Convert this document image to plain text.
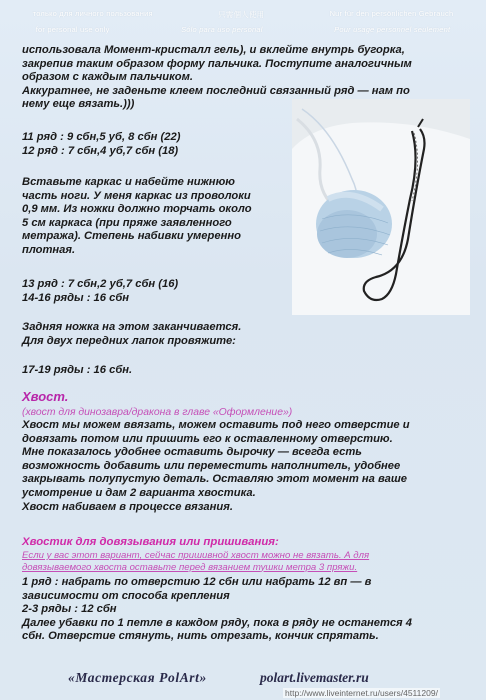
только для личного пользования	只需個人使用	Nur für den persönlichen Gebrauch
for personal use only	Sólo para uso personal	Pour usage personnel seulement

использовала Момент-кристалл гель), и вклейте внутрь бугорка,
закрепив таким образом форму пальчика. Поступите аналогичным
образом с каждым пальчиком.
Аккуратнее, не заденьте клеем последний связанный ряд — нам по
нему еще вязать.)))

11 ряд : 9 сбн,5 уб, 8 сбн (22)
12 ряд : 7 сбн,4 уб,7 сбн (18)

Вставьте каркас и набейте нижнюю
часть ноги. У меня каркас из проволоки
0,9 мм. Из ножки должно торчать около
5 см каркаса (при пряже заявленного
метража). Степень набивки умеренно
плотная.

13 ряд : 7 сбн,2 уб,7 сбн (16)
14-16 ряды : 16 сбн

Задняя ножка на этом заканчивается.
Для двух передних лапок провяжите:

17-19 ряды : 16 сбн.

Хвост.

(хвост для динозавра/дракона в главе «Оформление»)

Хвост мы можем ввязать, можем оставить под него отверстие и
довязать потом или пришить его к оставленному отверстию.
Мне показалось удобнее оставить дырочку — всегда есть
возможность добавить или переместить наполнитель, удобнее
закрывать полупустую деталь. Оставляю этот момент на ваше
усмотрение и дам 2 варианта хвостика.
Хвост набиваем в процессе вязания.

Хвостик для довязывания или пришивания:

Если у вас этот вариант, сейчас пришивной хвост можно не вязать. А для
довязываемого хвоста оставьте перед вязанием тушки метра 3 пряжи.

1 ряд : набрать по отверстию 12 сбн или набрать 12 вп — в
зависимости от способа крепления
2-3 ряды : 12 сбн
Далее убавки по 1 петле в каждом ряду, пока в ряду не останется 4
сбн. Отверстие стянуть, нить отрезать, кончик спрятать.

«Мастерская PolArt»	polart.livemaster.ru
http://www.liveinternet.ru/users/4511209/
